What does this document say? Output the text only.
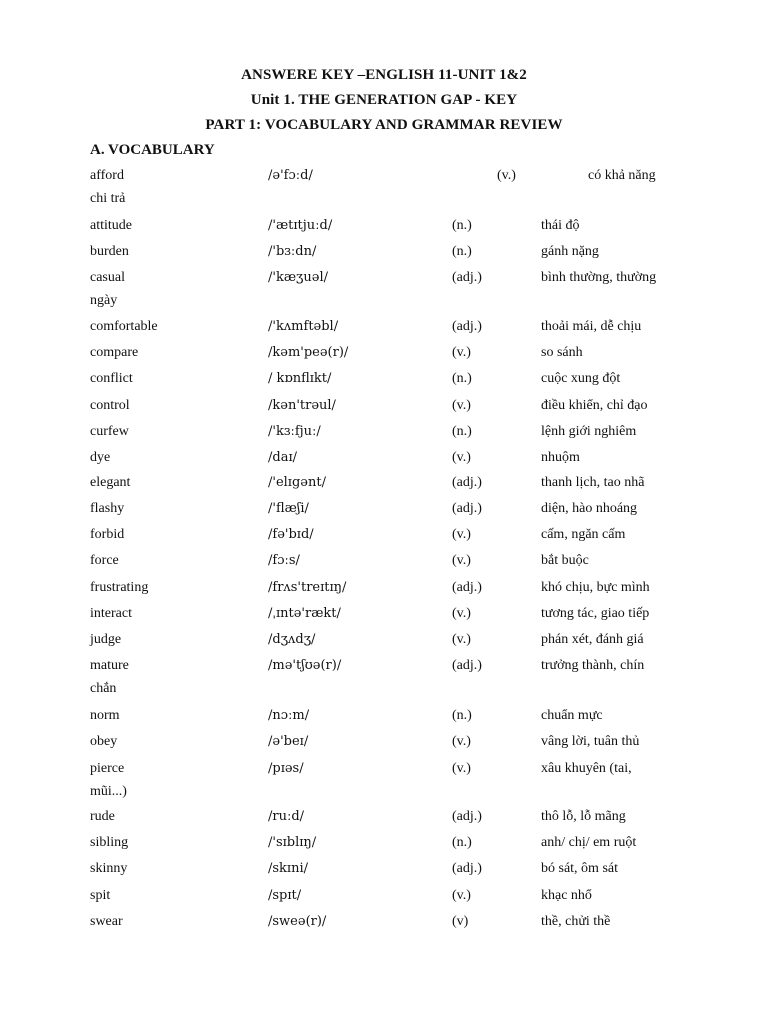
ANSWERE KEY –ENGLISH 11-UNIT 1&2
Unit 1. THE GENERATION GAP - KEY
PART 1: VOCABULARY AND GRAMMAR REVIEW
A. VOCABULARY
afford	/ə'fɔːd/	(v.)	có khả năng
chi trả
attitude	/'ætɪtjuːd/	(n.)	thái độ
burden	/'bɜːdn/	(n.)	gánh nặng
casual	/'kæʒuəl/	(adj.)	bình thường, thường
ngày
comfortable	/'kʌmftəbl/	(adj.)	thoải mái, dễ chịu
compare	/kəm'peə(r)/	(v.)	so sánh
conflict	/ kɒnflɪkt/	(n.)	cuộc xung đột
control	/kən'trəul/	(v.)	điều khiển, chỉ đạo
curfew	/'kɜːfjuː/	(n.)	lệnh giới nghiêm
dye	/daɪ/	(v.)	nhuộm
elegant	/'elɪgənt/	(adj.)	thanh lịch, tao nhã
flashy	/'flæʃi/	(adj.)	diện, hào nhoáng
forbid	/fə'bɪd/	(v.)	cấm, ngăn cấm
force	/fɔːs/	(v.)	bắt buộc
frustrating	/frʌs'treɪtɪŋ/	(adj.)	khó chịu, bực mình
interact	/ˌɪntə'rækt/	(v.)	tương tác, giao tiếp
judge	/dʒʌdʒ/	(v.)	phán xét, đánh giá
mature	/mə'tʃʊə(r)/	(adj.)	trưởng thành, chín
chắn
norm	/nɔːm/	(n.)	chuẩn mực
obey	/ə'beɪ/	(v.)	vâng lời, tuân thủ
pierce	/pɪəs/	(v.)	xâu khuyên (tai,
mũi...)
rude	/ruːd/	(adj.)	thô lỗ, lỗ mãng
sibling	/'sɪblɪŋ/	(n.)	anh/ chị/ em ruột
skinny	/skɪni/	(adj.)	bó sát, ôm sát
spit	/spɪt/	(v.)	khạc nhổ
swear	/sweə(r)/	(v)	thề, chửi thề
